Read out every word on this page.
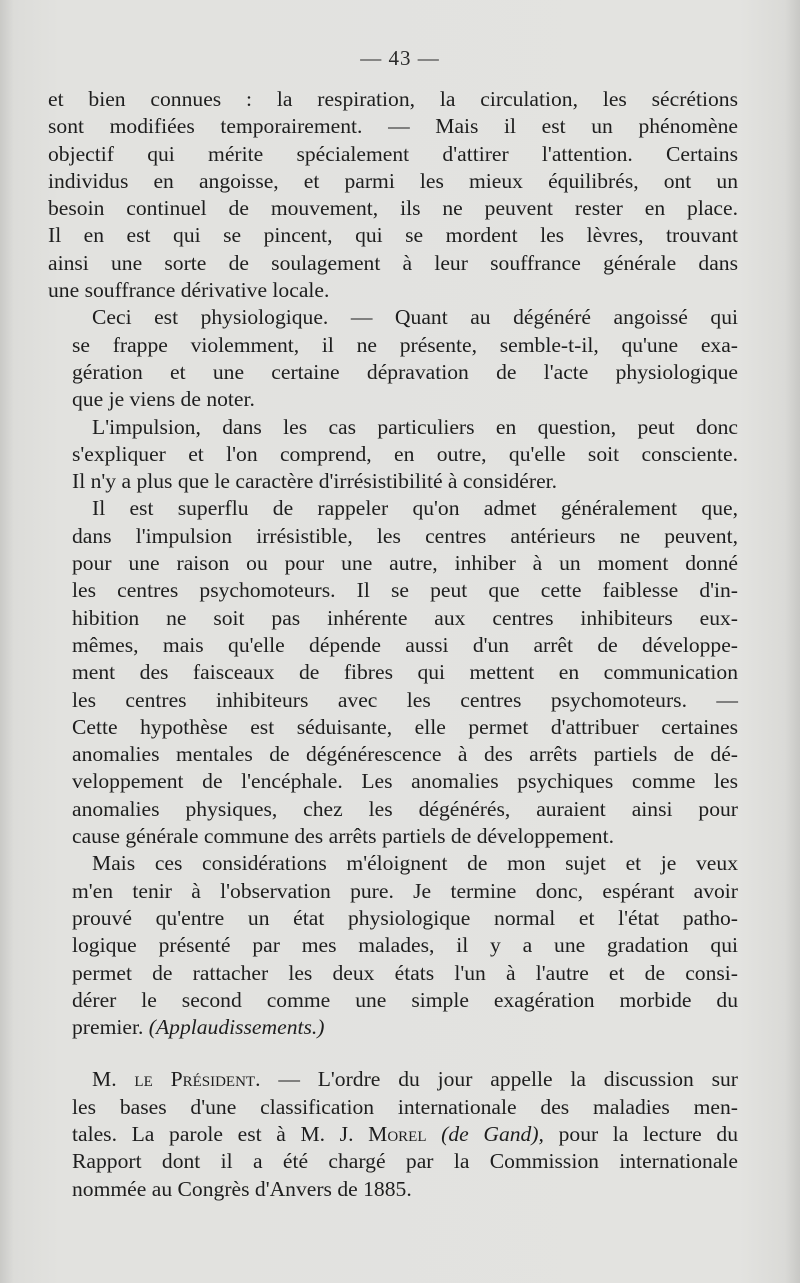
— 43 —

et bien connues : la respiration, la circulation, les sécrétions
sont modifiées temporairement. — Mais il est un phénomène
objectif qui mérite spécialement d'attirer l'attention. Certains
individus en angoisse, et parmi les mieux équilibrés, ont un
besoin continuel de mouvement, ils ne peuvent rester en place.
Il en est qui se pincent, qui se mordent les lèvres, trouvant
ainsi une sorte de soulagement à leur souffrance générale dans
une souffrance dérivative locale.

Ceci est physiologique. — Quant au dégénéré angoissé qui
se frappe violemment, il ne présente, semble-t-il, qu'une exa-
gération et une certaine dépravation de l'acte physiologique
que je viens de noter.

L'impulsion, dans les cas particuliers en question, peut donc
s'expliquer et l'on comprend, en outre, qu'elle soit consciente.
Il n'y a plus que le caractère d'irrésistibilité à considérer.

Il est superflu de rappeler qu'on admet généralement que,
dans l'impulsion irrésistible, les centres antérieurs ne peuvent,
pour une raison ou pour une autre, inhiber à un moment donné
les centres psychomoteurs. Il se peut que cette faiblesse d'in-
hibition ne soit pas inhérente aux centres inhibiteurs eux-
mêmes, mais qu'elle dépende aussi d'un arrêt de développe-
ment des faisceaux de fibres qui mettent en communication
les centres inhibiteurs avec les centres psychomoteurs. —
Cette hypothèse est séduisante, elle permet d'attribuer certaines
anomalies mentales de dégénérescence à des arrêts partiels de dé-
veloppement de l'encéphale. Les anomalies psychiques comme les
anomalies physiques, chez les dégénérés, auraient ainsi pour
cause générale commune des arrêts partiels de développement.

Mais ces considérations m'éloignent de mon sujet et je veux
m'en tenir à l'observation pure. Je termine donc, espérant avoir
prouvé qu'entre un état physiologique normal et l'état patho-
logique présenté par mes malades, il y a une gradation qui
permet de rattacher les deux états l'un à l'autre et de consi-
dérer le second comme une simple exagération morbide du
premier. (Applaudissements.)

M. le Président. — L'ordre du jour appelle la discussion sur
les bases d'une classification internationale des maladies men-
tales. La parole est à M. J. Morel (de Gand), pour la lecture du
Rapport dont il a été chargé par la Commission internationale
nommée au Congrès d'Anvers de 1885.
